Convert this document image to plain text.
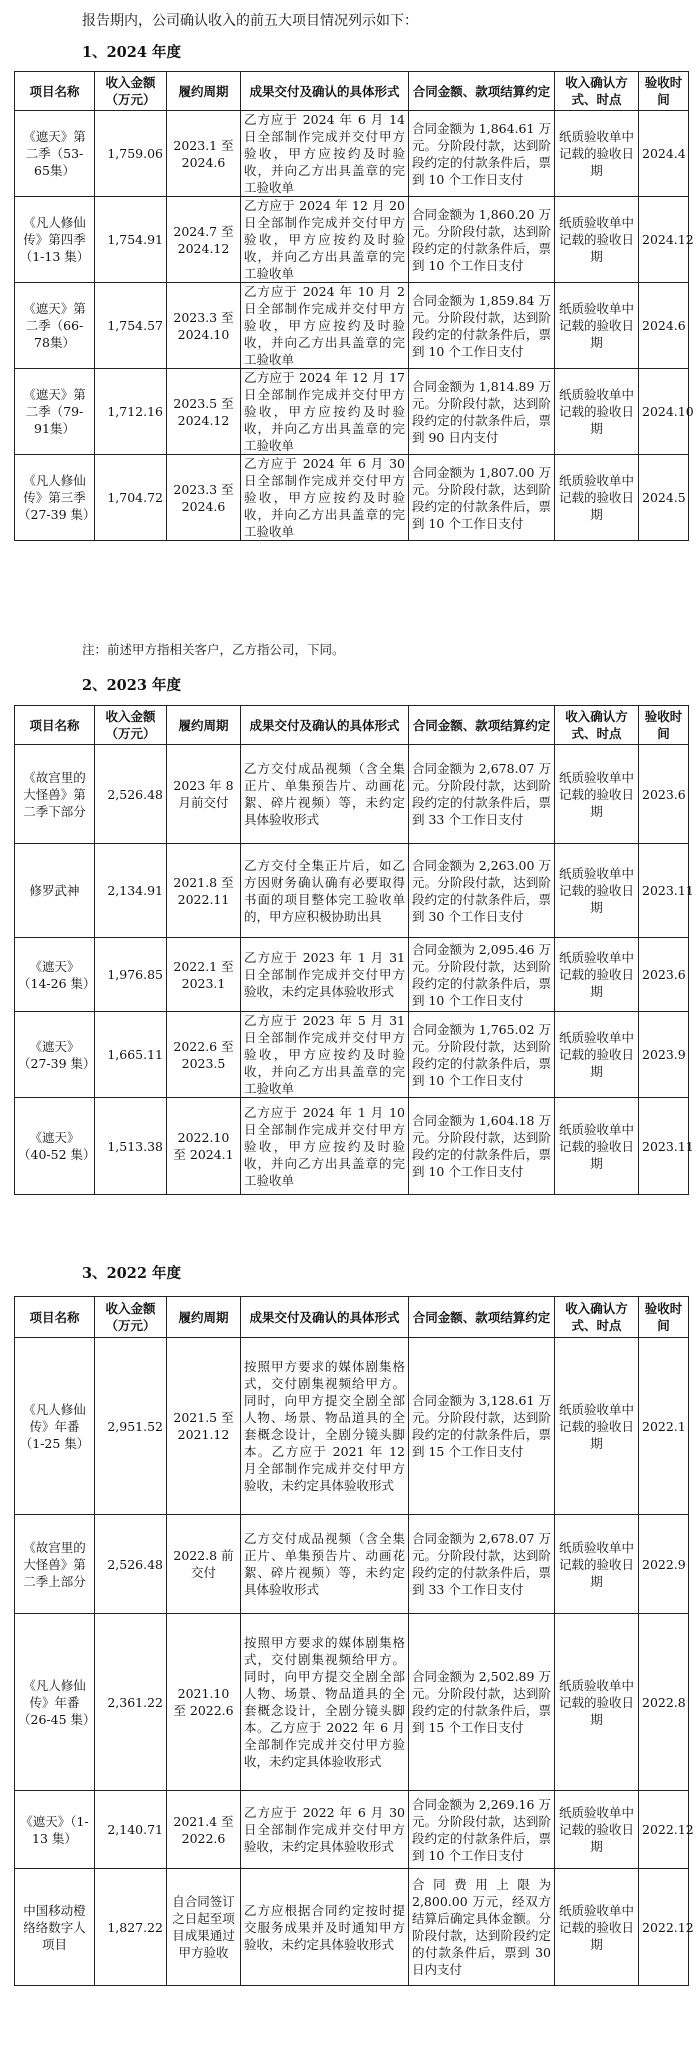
报告期内，公司确认收入的前五大项目情况列示如下：
1、2024 年度
项目名称	收入金额（万元）	履约周期	成果交付及确认的具体形式	合同金额、款项结算约定	收入确认方式、时点	验收时间
《遮天》第二季（53-65集）	1,759.06	2023.1 至 2024.6	乙方应于 2024 年 6 月 14 日全部制作完成并交付甲方验收，甲方应按约及时验收，并向乙方出具盖章的完工验收单	合同金额为 1,864.61 万元。分阶段付款，达到阶段约定的付款条件后，票到 10 个工作日支付	纸质验收单中记载的验收日期	2024.4
《凡人修仙传》第四季（1-13 集）	1,754.91	2024.7 至 2024.12	乙方应于 2024 年 12 月 20 日全部制作完成并交付甲方验收，甲方应按约及时验收，并向乙方出具盖章的完工验收单	合同金额为 1,860.20 万元。分阶段付款，达到阶段约定的付款条件后，票到 10 个工作日支付	纸质验收单中记载的验收日期	2024.12
《遮天》第二季（66-78集）	1,754.57	2023.3 至 2024.10	乙方应于 2024 年 10 月 2 日全部制作完成并交付甲方验收，甲方应按约及时验收，并向乙方出具盖章的完工验收单	合同金额为 1,859.84 万元。分阶段付款，达到阶段约定的付款条件后，票到 10 个工作日支付	纸质验收单中记载的验收日期	2024.6
《遮天》第二季（79-91集）	1,712.16	2023.5 至 2024.12	乙方应于 2024 年 12 月 17 日全部制作完成并交付甲方验收，甲方应按约及时验收，并向乙方出具盖章的完工验收单	合同金额为 1,814.89 万元。分阶段付款，达到阶段约定的付款条件后，票到 90 日内支付	纸质验收单中记载的验收日期	2024.10
《凡人修仙传》第三季（27-39 集）	1,704.72	2023.3 至 2024.6	乙方应于 2024 年 6 月 30 日全部制作完成并交付甲方验收，甲方应按约及时验收，并向乙方出具盖章的完工验收单	合同金额为 1,807.00 万元。分阶段付款，达到阶段约定的付款条件后，票到 10 个工作日支付	纸质验收单中记载的验收日期	2024.5
注：前述甲方指相关客户，乙方指公司，下同。
2、2023 年度
项目名称	收入金额（万元）	履约周期	成果交付及确认的具体形式	合同金额、款项结算约定	收入确认方式、时点	验收时间
《故宫里的大怪兽》第二季下部分	2,526.48	2023 年 8 月前交付	乙方交付成品视频（含全集正片、单集预告片、动画花絮、碎片视频）等，未约定具体验收形式	合同金额为 2,678.07 万元。分阶段付款，达到阶段约定的付款条件后，票到 33 个工作日支付	纸质验收单中记载的验收日期	2023.6
修罗武神	2,134.91	2021.8 至 2022.11	乙方交付全集正片后，如乙方因财务确认确有必要取得书面的项目整体完工验收单的，甲方应积极协助出具	合同金额为 2,263.00 万元。分阶段付款，达到阶段约定的付款条件后，票到 30 个工作日支付	纸质验收单中记载的验收日期	2023.11
《遮天》（14-26 集）	1,976.85	2022.1 至 2023.1	乙方应于 2023 年 1 月 31 日全部制作完成并交付甲方验收，未约定具体验收形式	合同金额为 2,095.46 万元。分阶段付款，达到阶段约定的付款条件后，票到 10 个工作日支付	纸质验收单中记载的验收日期	2023.6
《遮天》（27-39 集）	1,665.11	2022.6 至 2023.5	乙方应于 2023 年 5 月 31 日全部制作完成并交付甲方验收，甲方应按约及时验收，并向乙方出具盖章的完工验收单	合同金额为 1,765.02 万元。分阶段付款，达到阶段约定的付款条件后，票到 10 个工作日支付	纸质验收单中记载的验收日期	2023.9
《遮天》（40-52 集）	1,513.38	2022.10 至 2024.1	乙方应于 2024 年 1 月 10 日全部制作完成并交付甲方验收，甲方应按约及时验收，并向乙方出具盖章的完工验收单	合同金额为 1,604.18 万元。分阶段付款，达到阶段约定的付款条件后，票到 10 个工作日支付	纸质验收单中记载的验收日期	2023.11
3、2022 年度
项目名称	收入金额（万元）	履约周期	成果交付及确认的具体形式	合同金额、款项结算约定	收入确认方式、时点	验收时间
《凡人修仙传》年番（1-25 集）	2,951.52	2021.5 至 2021.12	按照甲方要求的媒体剧集格式，交付剧集视频给甲方。同时，向甲方提交全剧全部人物、场景、物品道具的全套概念设计，全剧分镜头脚本。乙方应于 2021 年 12 月全部制作完成并交付甲方验收，未约定具体验收形式	合同金额为 3,128.61 万元。分阶段付款，达到阶段约定的付款条件后，票到 15 个工作日支付	纸质验收单中记载的验收日期	2022.1
《故宫里的大怪兽》第二季上部分	2,526.48	2022.8 前交付	乙方交付成品视频（含全集正片、单集预告片、动画花絮、碎片视频）等，未约定具体验收形式	合同金额为 2,678.07 万元。分阶段付款，达到阶段约定的付款条件后，票到 33 个工作日支付	纸质验收单中记载的验收日期	2022.9
《凡人修仙传》年番（26-45 集）	2,361.22	2021.10 至 2022.6	按照甲方要求的媒体剧集格式，交付剧集视频给甲方。同时，向甲方提交全剧全部人物、场景、物品道具的全套概念设计，全剧分镜头脚本。乙方应于 2022 年 6 月全部制作完成并交付甲方验收，未约定具体验收形式	合同金额为 2,502.89 万元。分阶段付款，达到阶段约定的付款条件后，票到 15 个工作日支付	纸质验收单中记载的验收日期	2022.8
《遮天》（1-13 集）	2,140.71	2021.4 至 2022.6	乙方应于 2022 年 6 月 30 日全部制作完成并交付甲方验收，未约定具体验收形式	合同金额为 2,269.16 万元。分阶段付款，达到阶段约定的付款条件后，票到 10 个工作日支付	纸质验收单中记载的验收日期	2022.12
中国移动橙络络数字人项目	1,827.22	自合同签订之日起至项目成果通过甲方验收	乙方应根据合同约定按时提交服务成果并及时通知甲方验收，未约定具体验收形式	合同费用上限为 2,800.00 万元，经双方结算后确定具体金额。分阶段付款，达到阶段约定的付款条件后，票到 30 日内支付	纸质验收单中记载的验收日期	2022.12
